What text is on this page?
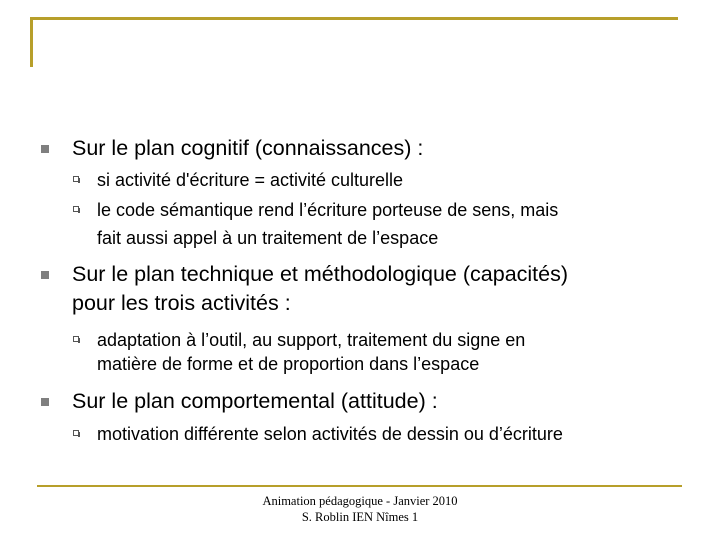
Sur le plan cognitif (connaissances) :
si activité d'écriture = activité culturelle
le code sémantique rend l’écriture porteuse de sens, mais
fait aussi appel à un traitement de l’espace
Sur le plan technique et méthodologique (capacités)
pour les trois activités :
adaptation à l’outil, au support, traitement du signe en
matière de forme et de proportion dans l’espace
Sur le plan comportemental (attitude) :
motivation différente selon activités de dessin ou d’écriture
Animation pédagogique - Janvier 2010
S. Roblin IEN Nîmes 1
